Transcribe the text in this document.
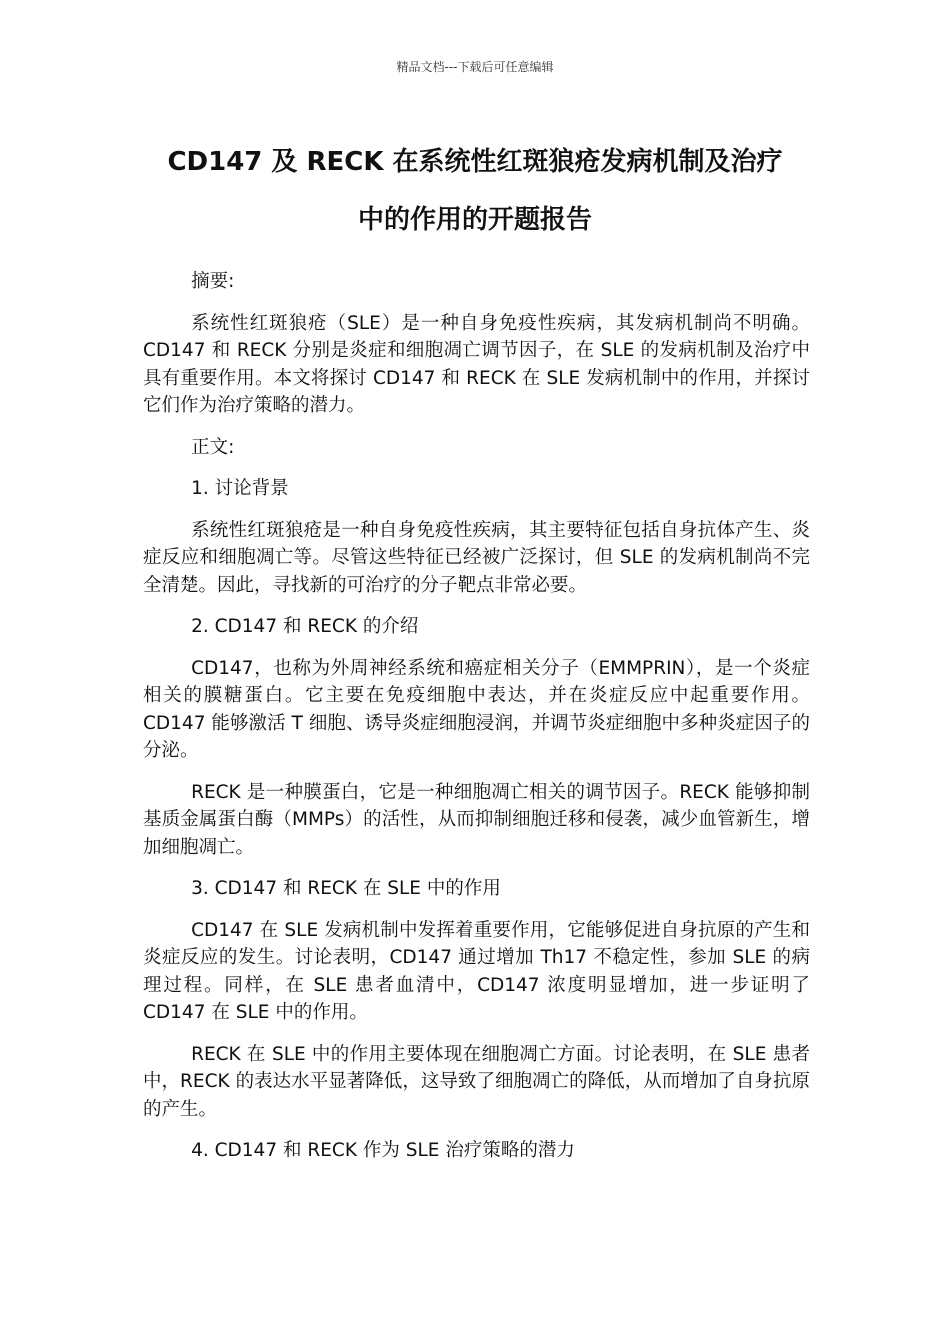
精品文档---下载后可任意编辑
CD147 及 RECK 在系统性红斑狼疮发病机制及治疗
中的作用的开题报告

摘要:

系统性红斑狼疮（SLE）是一种自身免疫性疾病，其发病机制尚不明确。CD147 和 RECK 分别是炎症和细胞凋亡调节因子，在 SLE 的发病机制及治疗中具有重要作用。本文将探讨 CD147 和 RECK 在 SLE 发病机制中的作用，并探讨它们作为治疗策略的潜力。

正文:

1. 讨论背景

系统性红斑狼疮是一种自身免疫性疾病，其主要特征包括自身抗体产生、炎症反应和细胞凋亡等。尽管这些特征已经被广泛探讨，但 SLE 的发病机制尚不完全清楚。因此，寻找新的可治疗的分子靶点非常必要。

2. CD147 和 RECK 的介绍

CD147，也称为外周神经系统和癌症相关分子（EMMPRIN），是一个炎症相关的膜糖蛋白。它主要在免疫细胞中表达，并在炎症反应中起重要作用。CD147 能够激活 T 细胞、诱导炎症细胞浸润，并调节炎症细胞中多种炎症因子的分泌。

RECK 是一种膜蛋白，它是一种细胞凋亡相关的调节因子。RECK 能够抑制基质金属蛋白酶（MMPs）的活性，从而抑制细胞迁移和侵袭，减少血管新生，增加细胞凋亡。

3. CD147 和 RECK 在 SLE 中的作用

CD147 在 SLE 发病机制中发挥着重要作用，它能够促进自身抗原的产生和炎症反应的发生。讨论表明，CD147 通过增加 Th17 不稳定性，参加 SLE 的病理过程。同样，在 SLE 患者血清中，CD147 浓度明显增加，进一步证明了 CD147 在 SLE 中的作用。

RECK 在 SLE 中的作用主要体现在细胞凋亡方面。讨论表明，在 SLE 患者中，RECK 的表达水平显著降低，这导致了细胞凋亡的降低，从而增加了自身抗原的产生。

4. CD147 和 RECK 作为 SLE 治疗策略的潜力
